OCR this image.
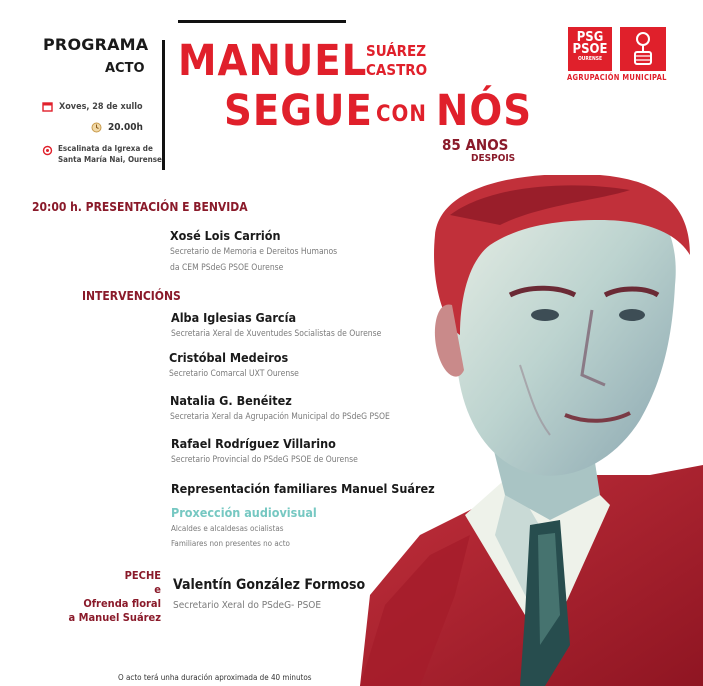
PROGRAMA
ACTO
Xoves, 28 de xullo
20.00h
Escalinata da Igrexa de
Santa María Nai, Ourense
MANUEL
SUÁREZ
CASTRO
SEGUE CON NÓS
85 ANOS
DESPOIS
PSG
PSOE
OURENSE
AGRUPACIÓN MUNICIPAL
20:00 h. PRESENTACIÓN E BENVIDA
Xosé Lois Carrión
Secretario de Memoria e Dereitos Humanos
da CEM PSdeG PSOE Ourense
INTERVENCIÓNS
Alba Iglesias García
Secretaria Xeral de Xuventudes Socialistas de Ourense
Cristóbal Medeiros
Secretario Comarcal UXT Ourense
Natalia G. Benéitez
Secretaria Xeral da Agrupación Municipal do PSdeG PSOE
Rafael Rodríguez Villarino
Secretario Provincial do PSdeG PSOE de Ourense
Representación familiares Manuel Suárez
Proxección audiovisual
Alcaldes e alcaldesas ocialistas
Familiares non presentes no acto
PECHE
e
Ofrenda floral
a Manuel Suárez
Valentín González Formoso
Secretario Xeral do PSdeG- PSOE
O acto terá unha duración aproximada de 40 minutos
